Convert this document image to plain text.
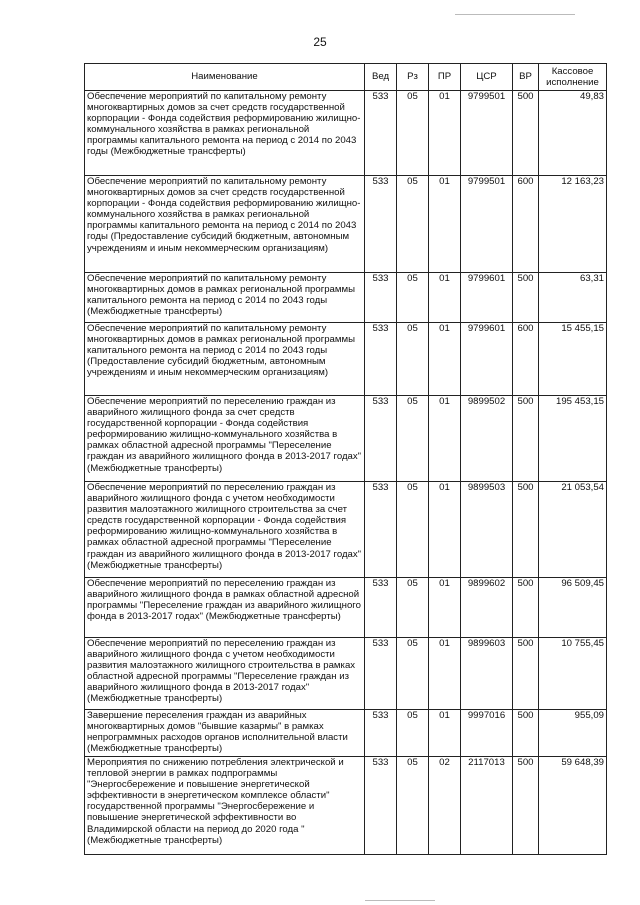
25
Наименование	Вед	Рз	ПР	ЦСР	ВР	Кассовое исполнение
Обеспечение мероприятий по капитальному ремонту многоквартирных домов за счет средств государственной корпорации - Фонда содействия реформированию жилищно-коммунального хозяйства в рамках региональной программы капитального ремонта на период с 2014 по 2043 годы (Межбюджетные трансферты)	533	05	01	9799501	500	49,83
Обеспечение мероприятий по капитальному ремонту многоквартирных домов за счет средств государственной корпорации - Фонда содействия реформированию жилищно-коммунального хозяйства в рамках региональной программы капитального ремонта на период с 2014 по 2043 годы (Предоставление субсидий бюджетным, автономным учреждениям и иным некоммерческим организациям)	533	05	01	9799501	600	12 163,23
Обеспечение мероприятий по капитальному ремонту многоквартирных домов в рамках региональной программы капитального ремонта на период с 2014 по 2043 годы (Межбюджетные трансферты)	533	05	01	9799601	500	63,31
Обеспечение мероприятий по капитальному ремонту многоквартирных домов в рамках региональной программы капитального ремонта на период с 2014 по 2043 годы (Предоставление субсидий бюджетным, автономным учреждениям и иным некоммерческим организациям)	533	05	01	9799601	600	15 455,15
Обеспечение мероприятий по переселению граждан из аварийного жилищного фонда за счет средств государственной корпорации - Фонда содействия реформированию жилищно-коммунального хозяйства в рамках областной адресной программы "Переселение граждан из аварийного жилищного фонда в 2013-2017 годах" (Межбюджетные трансферты)	533	05	01	9899502	500	195 453,15
Обеспечение мероприятий по переселению граждан из аварийного жилищного фонда с учетом необходимости развития малоэтажного жилищного строительства за счет средств государственной корпорации - Фонда содействия реформированию жилищно-коммунального хозяйства в рамках областной адресной программы "Переселение граждан из аварийного жилищного фонда в 2013-2017 годах" (Межбюджетные трансферты)	533	05	01	9899503	500	21 053,54
Обеспечение мероприятий по переселению граждан из аварийного жилищного фонда в рамках областной адресной программы "Переселение граждан из аварийного жилищного фонда в 2013-2017 годах" (Межбюджетные трансферты)	533	05	01	9899602	500	96 509,45
Обеспечение мероприятий по переселению граждан из аварийного жилищного фонда с учетом необходимости развития малоэтажного жилищного строительства в рамках областной адресной программы "Переселение граждан из аварийного жилищного фонда в 2013-2017 годах" (Межбюджетные трансферты)	533	05	01	9899603	500	10 755,45
Завершение переселения граждан из аварийных многоквартирных домов "бывшие казармы" в рамках непрограммных расходов органов исполнительной власти (Межбюджетные трансферты)	533	05	01	9997016	500	955,09
Мероприятия по снижению потребления электрической и тепловой энергии в рамках подпрограммы "Энергосбережение и повышение энергетической эффективности в энергетическом комплексе области" государственной программы "Энергосбережение и повышение энергетической эффективности во Владимирской области на период до 2020 года " (Межбюджетные трансферты)	533	05	02	2117013	500	59 648,39
